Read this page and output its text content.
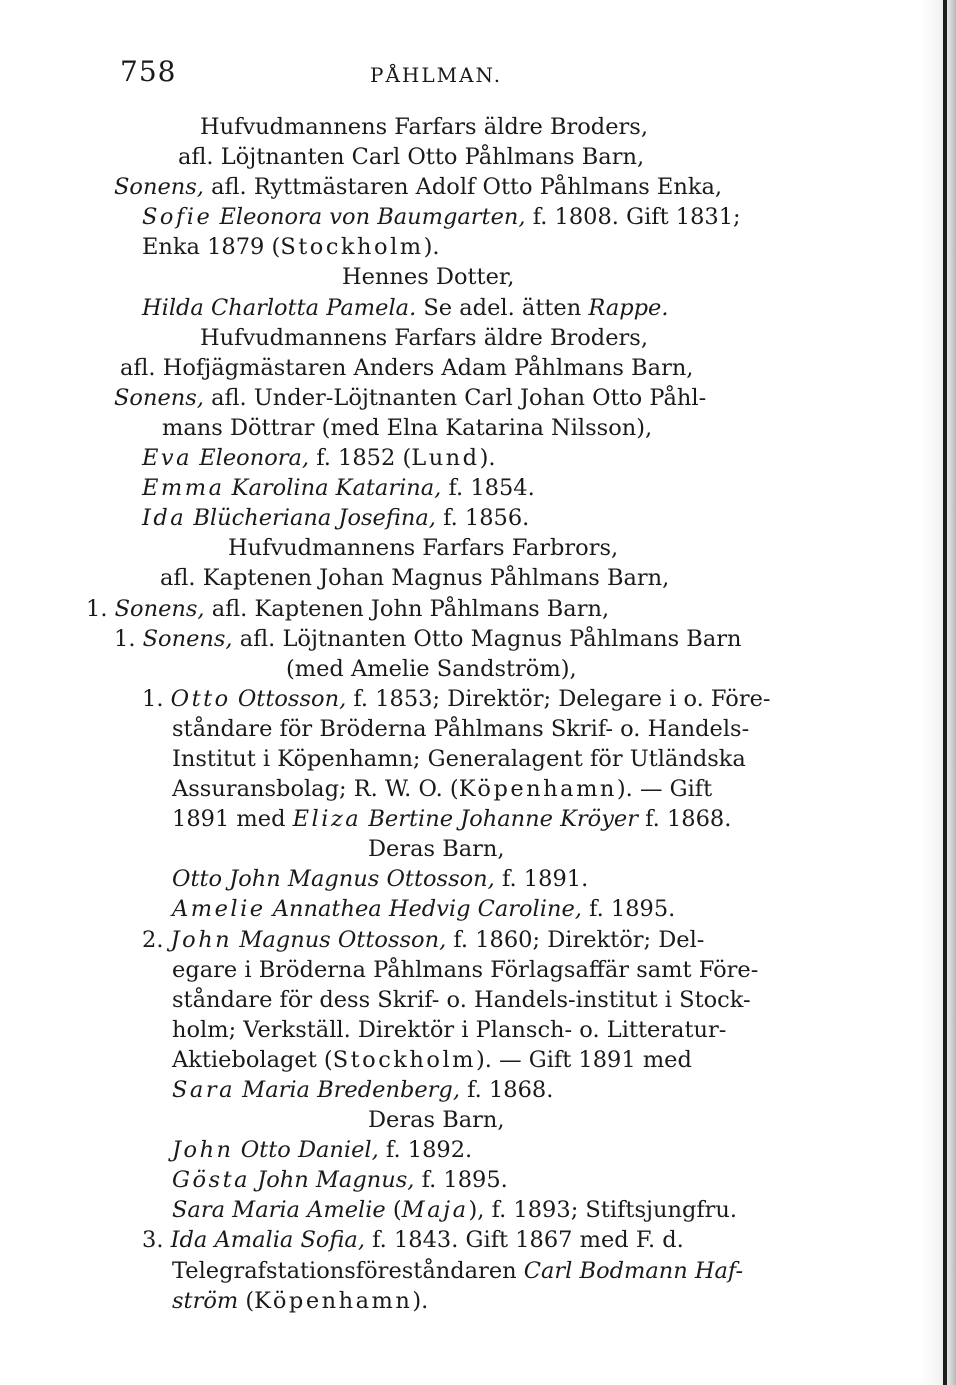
758	PÅHLMAN.
Hufvudmannens Farfars äldre Broders,
afl. Löjtnanten Carl Otto Påhlmans Barn,
Sonens, afl. Ryttmästaren Adolf Otto Påhlmans Enka,
Sofie Eleonora von Baumgarten, f. 1808. Gift 1831;
Enka 1879 (Stockholm).
Hennes Dotter,
Hilda Charlotta Pamela. Se adel. ätten Rappe.
Hufvudmannens Farfars äldre Broders,
afl. Hofjägmästaren Anders Adam Påhlmans Barn,
Sonens, afl. Under-Löjtnanten Carl Johan Otto Påhl-
mans Döttrar (med Elna Katarina Nilsson),
Eva Eleonora, f. 1852 (Lund).
Emma Karolina Katarina, f. 1854.
Ida Blücheriana Josefina, f. 1856.
Hufvudmannens Farfars Farbrors,
afl. Kaptenen Johan Magnus Påhlmans Barn,
1. Sonens, afl. Kaptenen John Påhlmans Barn,
1. Sonens, afl. Löjtnanten Otto Magnus Påhlmans Barn
(med Amelie Sandström),
1. Otto Ottosson, f. 1853; Direktör; Delegare i o. Före-
ståndare för Bröderna Påhlmans Skrif- o. Handels-
Institut i Köpenhamn; Generalagent för Utländska
Assuransbolag; R. W. O. (Köpenhamn). — Gift
1891 med Eliza Bertine Johanne Kröyer f. 1868.
Deras Barn,
Otto John Magnus Ottosson, f. 1891.
Amelie Annathea Hedvig Caroline, f. 1895.
2. John Magnus Ottosson, f. 1860; Direktör; Del-
egare i Bröderna Påhlmans Förlagsaffär samt Före-
ståndare för dess Skrif- o. Handels-institut i Stock-
holm; Verkställ. Direktör i Plansch- o. Litteratur-
Aktiebolaget (Stockholm). — Gift 1891 med
Sara Maria Bredenberg, f. 1868.
Deras Barn,
John Otto Daniel, f. 1892.
Gösta John Magnus, f. 1895.
Sara Maria Amelie (Maja), f. 1893; Stiftsjungfru.
3. Ida Amalia Sofia, f. 1843. Gift 1867 med F. d.
Telegrafstationsföreståndaren Carl Bodmann Haf-
ström (Köpenhamn).
